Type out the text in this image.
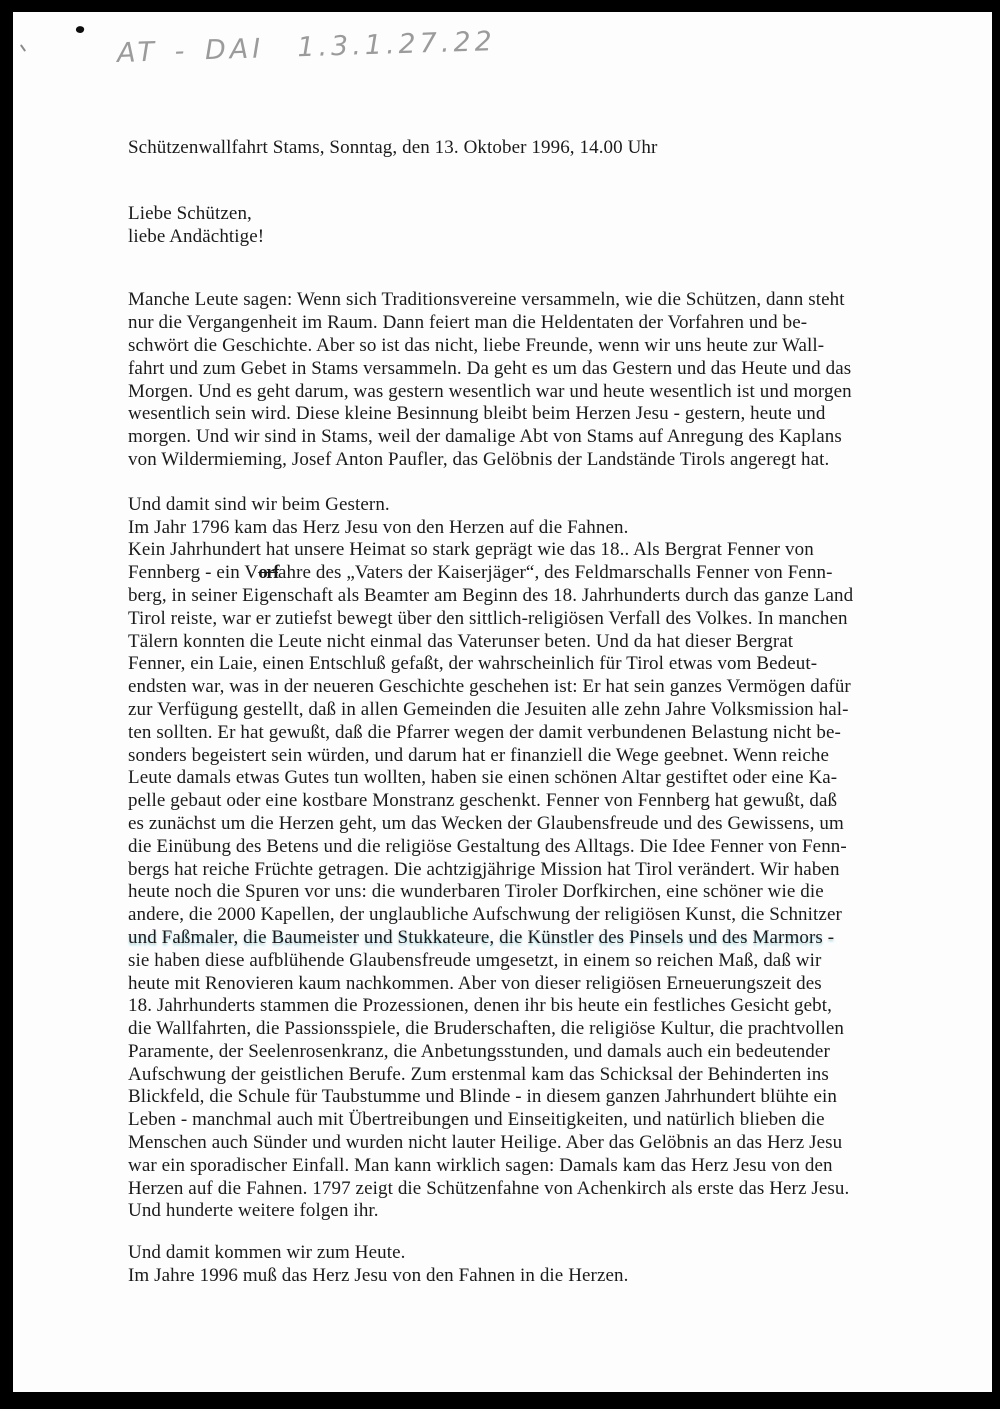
AT - DAI  1.3.1.27.22
Schützenwallfahrt Stams, Sonntag, den 13. Oktober 1996, 14.00 Uhr
Liebe Schützen,
liebe Andächtige!
Manche Leute sagen: Wenn sich Traditionsvereine versammeln, wie die Schützen, dann steht
nur die Vergangenheit im Raum. Dann feiert man die Heldentaten der Vorfahren und be-
schwört die Geschichte. Aber so ist das nicht, liebe Freunde, wenn wir uns heute zur Wall-
fahrt und zum Gebet in Stams versammeln. Da geht es um das Gestern und das Heute und das
Morgen. Und es geht darum, was gestern wesentlich war und heute wesentlich ist und morgen
wesentlich sein wird. Diese kleine Besinnung bleibt beim Herzen Jesu - gestern, heute und
morgen. Und wir sind in Stams, weil der damalige Abt von Stams auf Anregung des Kaplans
von Wildermieming, Josef Anton Paufler, das Gelöbnis der Landstände Tirols angeregt hat.
Und damit sind wir beim Gestern.
Im Jahr 1796 kam das Herz Jesu von den Herzen auf die Fahnen.
Kein Jahrhundert hat unsere Heimat so stark geprägt wie das 18.. Als Bergrat Fenner von
Fennberg - ein Vorfahre des „Vaters der Kaiserjäger“, des Feldmarschalls Fenner von Fenn-
berg, in seiner Eigenschaft als Beamter am Beginn des 18. Jahrhunderts durch das ganze Land
Tirol reiste, war er zutiefst bewegt über den sittlich-religiösen Verfall des Volkes. In manchen
Tälern konnten die Leute nicht einmal das Vaterunser beten. Und da hat dieser Bergrat
Fenner, ein Laie, einen Entschluß gefaßt, der wahrscheinlich für Tirol etwas vom Bedeut-
endsten war, was in der neueren Geschichte geschehen ist: Er hat sein ganzes Vermögen dafür
zur Verfügung gestellt, daß in allen Gemeinden die Jesuiten alle zehn Jahre Volksmission hal-
ten sollten. Er hat gewußt, daß die Pfarrer wegen der damit verbundenen Belastung nicht be-
sonders begeistert sein würden, und darum hat er finanziell die Wege geebnet. Wenn reiche
Leute damals etwas Gutes tun wollten, haben sie einen schönen Altar gestiftet oder eine Ka-
pelle gebaut oder eine kostbare Monstranz geschenkt. Fenner von Fennberg hat gewußt, daß
es zunächst um die Herzen geht, um das Wecken der Glaubensfreude und des Gewissens, um
die Einübung des Betens und die religiöse Gestaltung des Alltags. Die Idee Fenner von Fenn-
bergs hat reiche Früchte getragen. Die achtzigjährige Mission hat Tirol verändert. Wir haben
heute noch die Spuren vor uns: die wunderbaren Tiroler Dorfkirchen, eine schöner wie die
andere, die 2000 Kapellen, der unglaubliche Aufschwung der religiösen Kunst, die Schnitzer
und Faßmaler, die Baumeister und Stukkateure, die Künstler des Pinsels und des Marmors -
sie haben diese aufblühende Glaubensfreude umgesetzt, in einem so reichen Maß, daß wir
heute mit Renovieren kaum nachkommen. Aber von dieser religiösen Erneuerungszeit des
18. Jahrhunderts stammen die Prozessionen, denen ihr bis heute ein festliches Gesicht gebt,
die Wallfahrten, die Passionsspiele, die Bruderschaften, die religiöse Kultur, die prachtvollen
Paramente, der Seelenrosenkranz, die Anbetungsstunden, und damals auch ein bedeutender
Aufschwung der geistlichen Berufe. Zum erstenmal kam das Schicksal der Behinderten ins
Blickfeld, die Schule für Taubstumme und Blinde - in diesem ganzen Jahrhundert blühte ein
Leben - manchmal auch mit Übertreibungen und Einseitigkeiten, und natürlich blieben die
Menschen auch Sünder und wurden nicht lauter Heilige. Aber das Gelöbnis an das Herz Jesu
war ein sporadischer Einfall. Man kann wirklich sagen: Damals kam das Herz Jesu von den
Herzen auf die Fahnen. 1797 zeigt die Schützenfahne von Achenkirch als erste das Herz Jesu.
Und hunderte weitere folgen ihr.
Und damit kommen wir zum Heute.
Im Jahre 1996 muß das Herz Jesu von den Fahnen in die Herzen.
